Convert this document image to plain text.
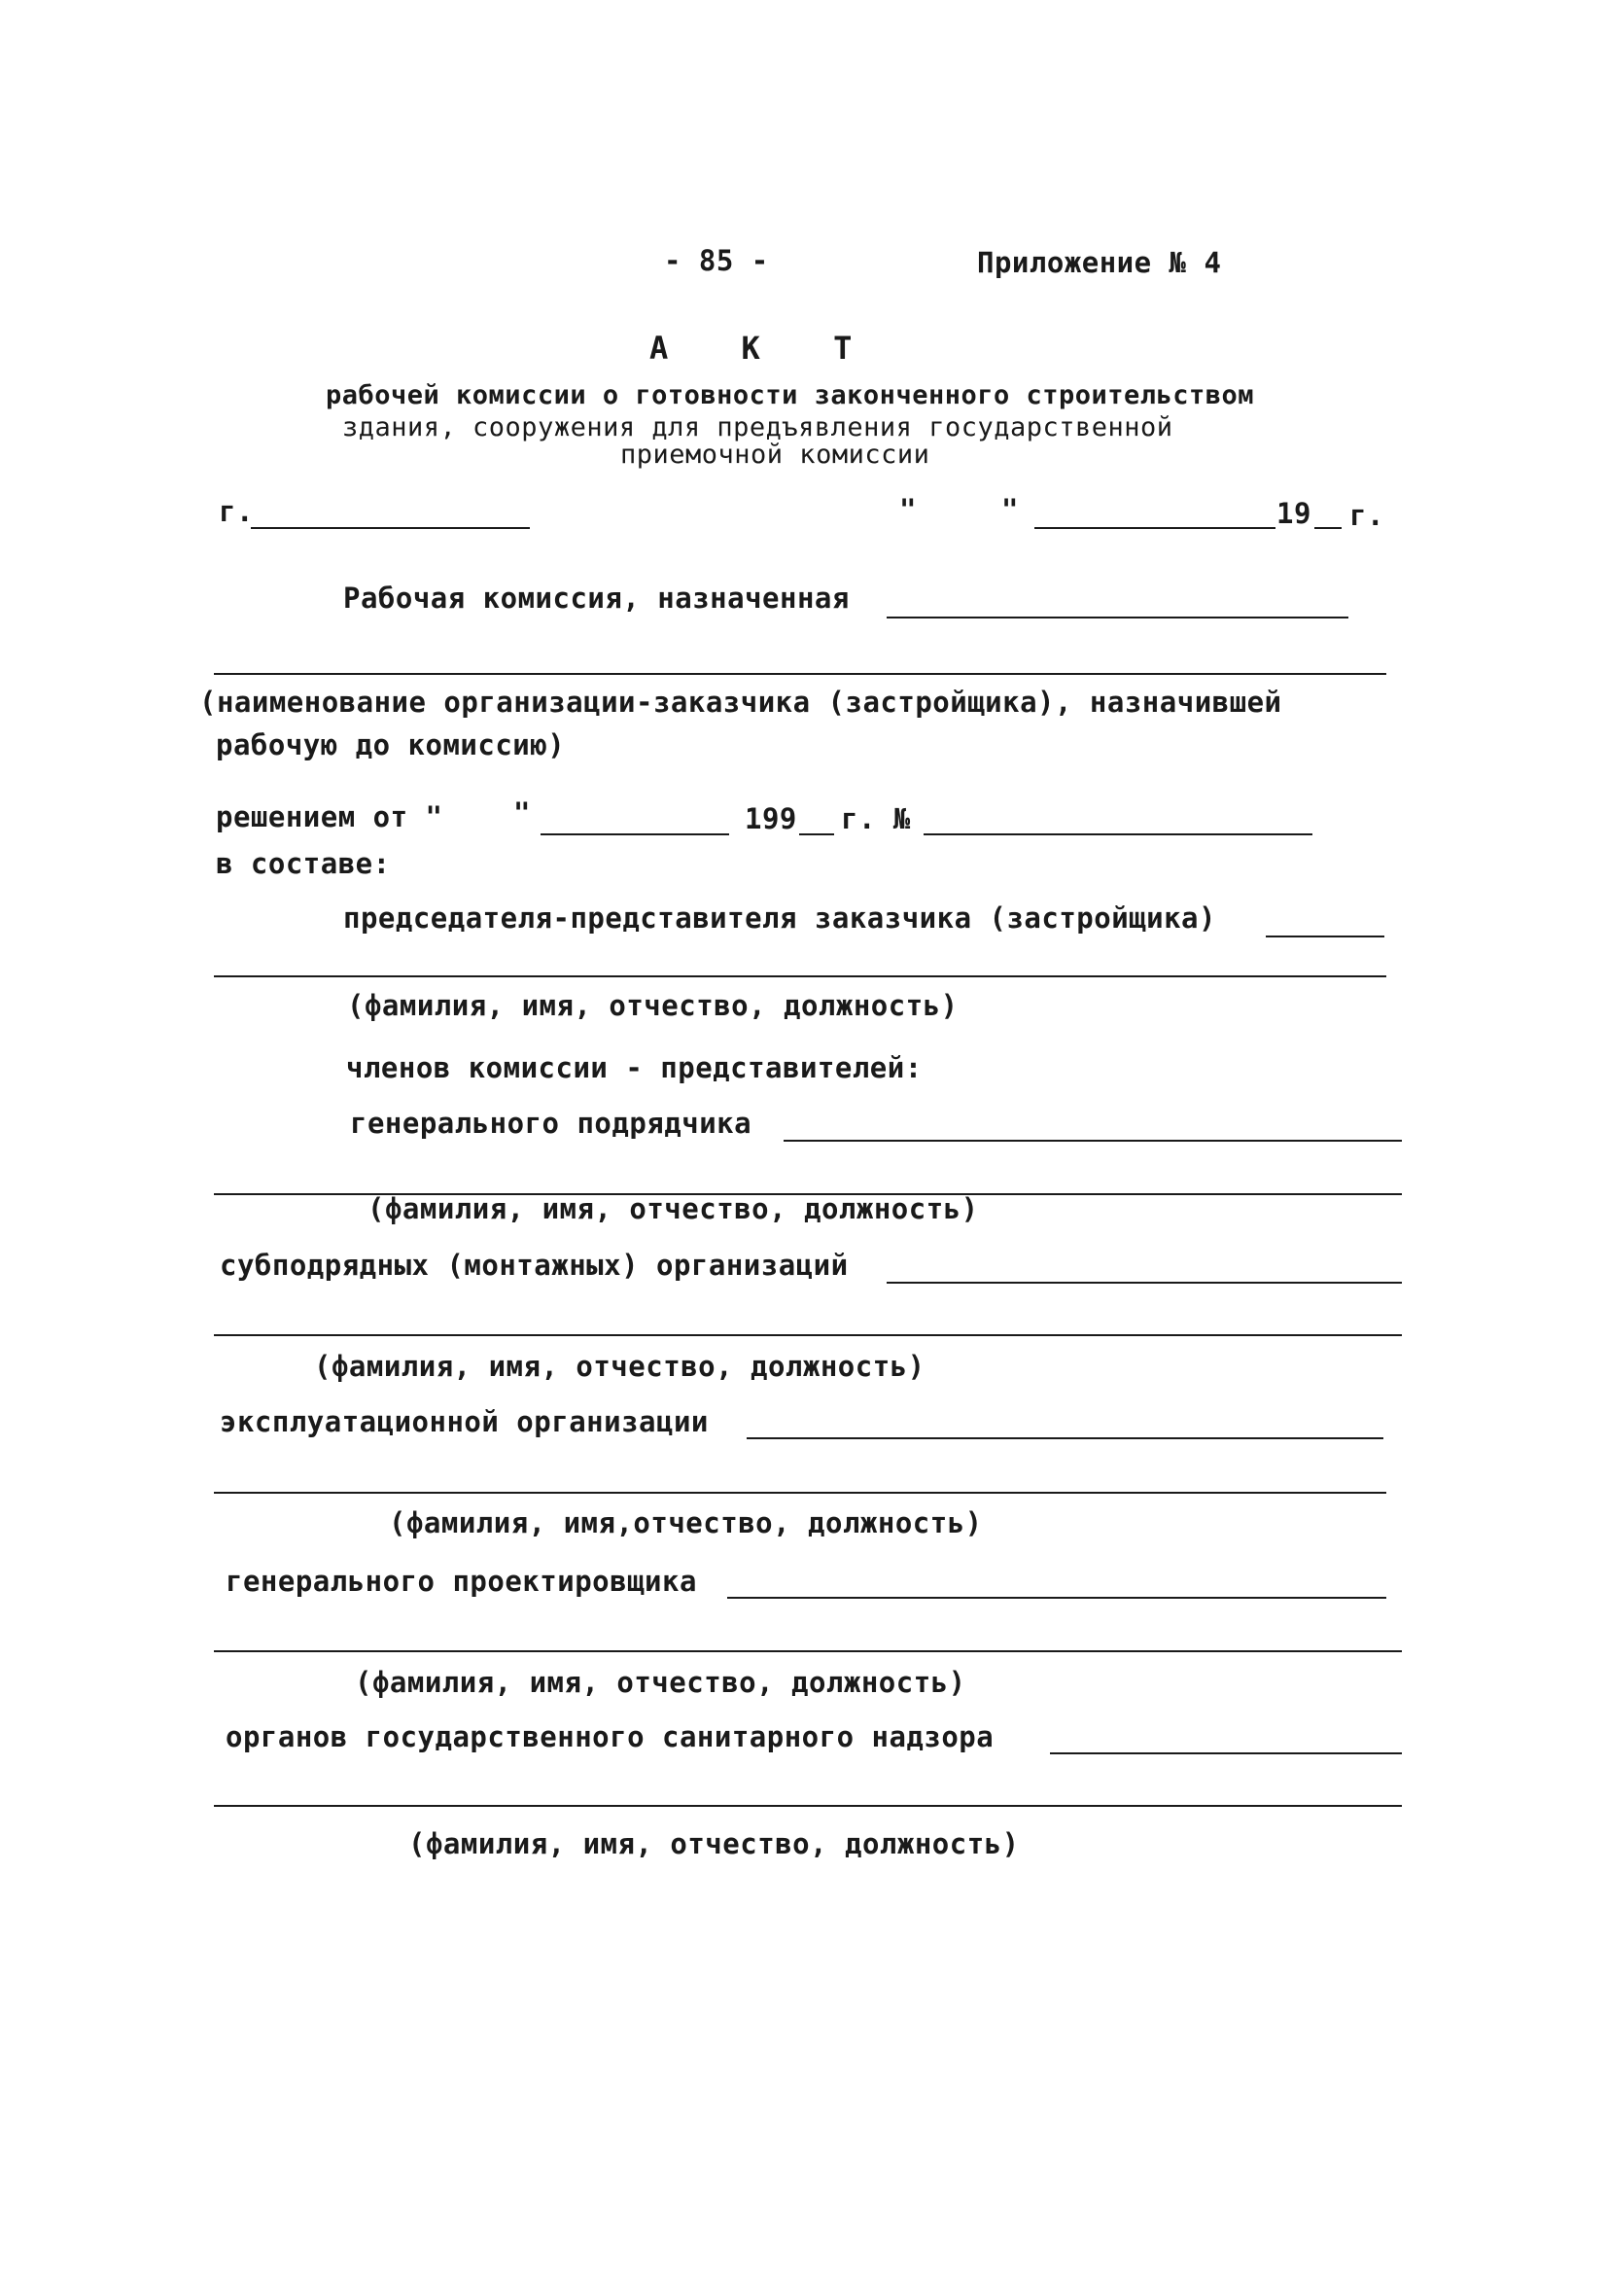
- 85 -	Приложение № 4
А К Т
рабочей комиссии о готовности законченного строительством
здания, сооружения для предъявления государственной
приемочной комиссии
г.	"	"	19 г.
Рабочая комиссия, назначенная
(наименование организации-заказчика (застройщика), назначившей
рабочую до комиссию)
решением от "	"	199 г. №
в составе:
председателя-представителя заказчика (застройщика)
(фамилия, имя, отчество, должность)
членов комиссии - представителей:
генерального подрядчика
(фамилия, имя, отчество, должность)
субподрядных (монтажных) организаций
(фамилия, имя, отчество, должность)
эксплуатационной организации
(фамилия, имя,отчество, должность)
генерального проектировщика
(фамилия, имя, отчество, должность)
органов государственного санитарного надзора
(фамилия, имя, отчество, должность)
